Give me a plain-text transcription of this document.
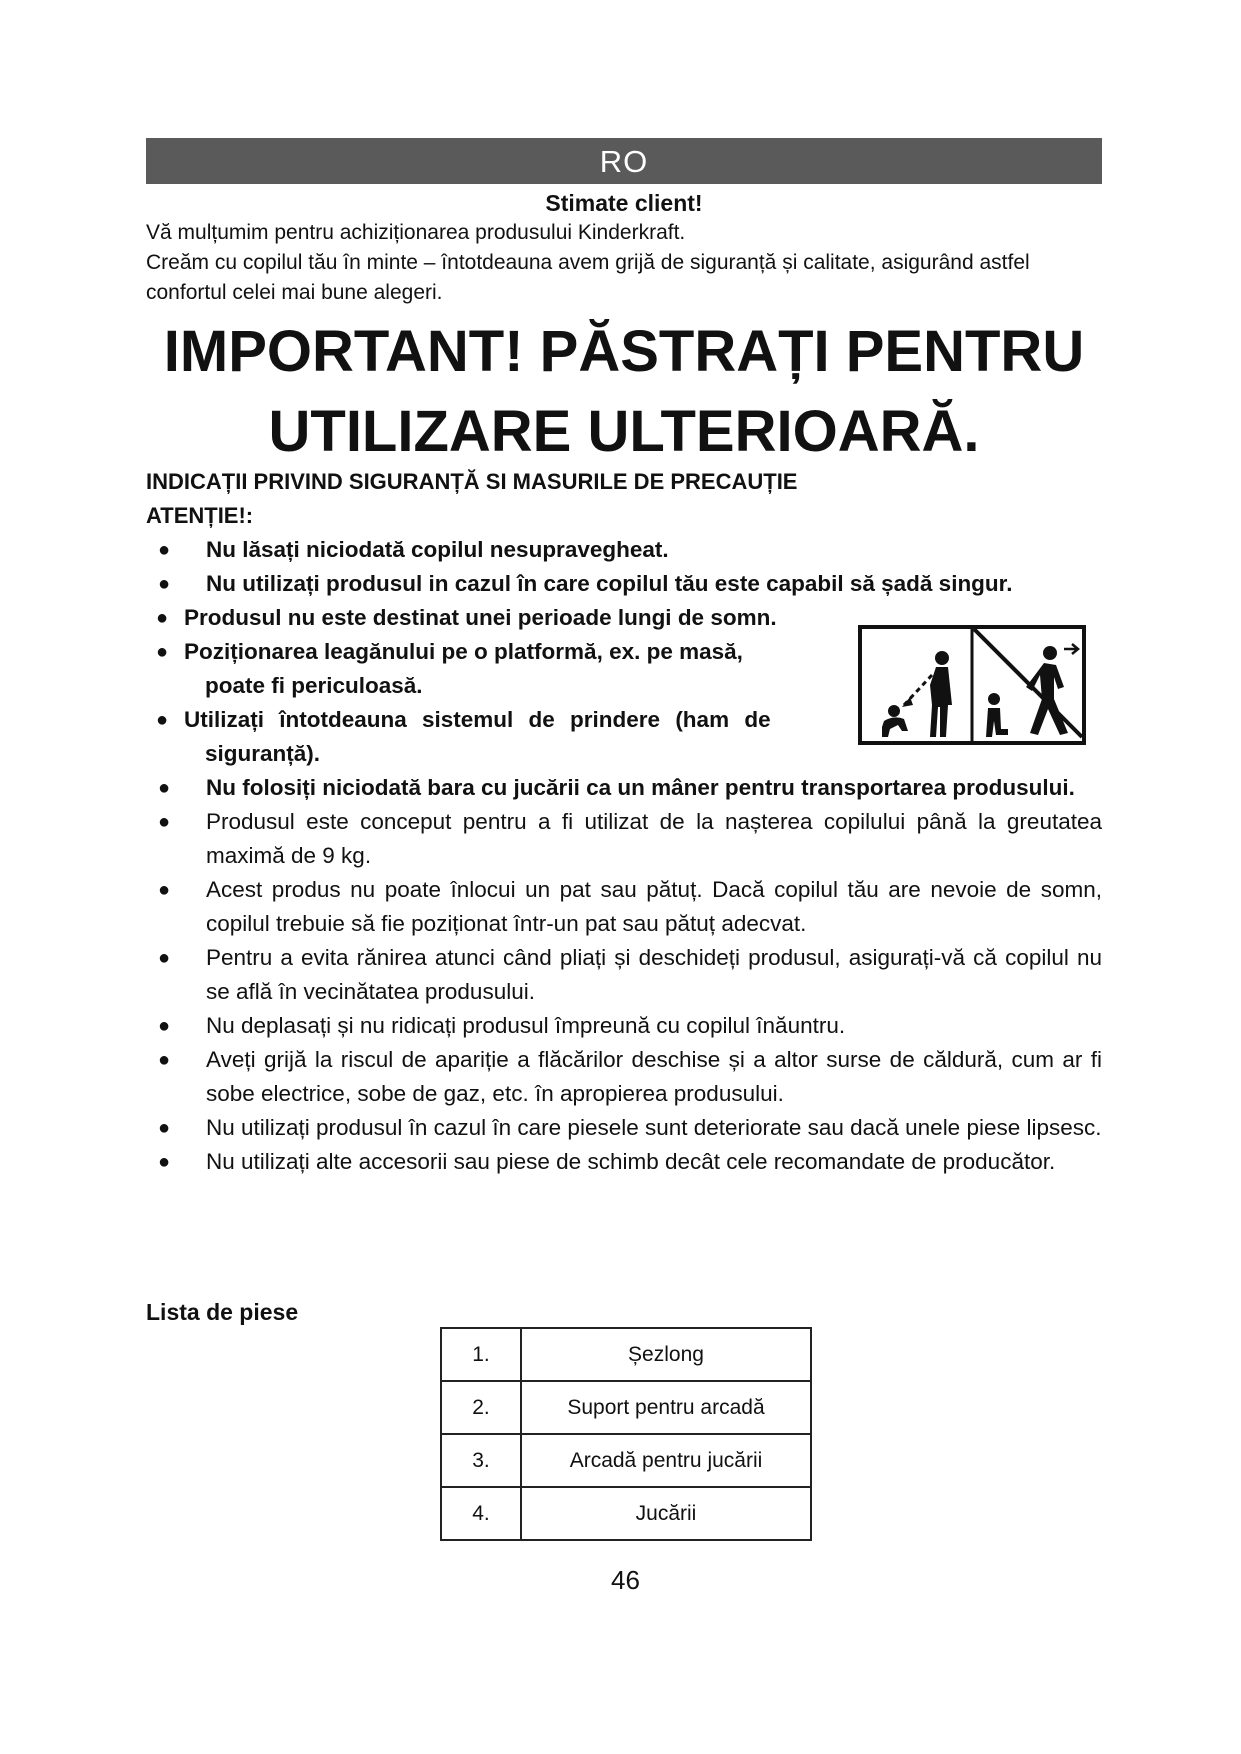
RO
Stimate client!

Vă mulțumim pentru achiziționarea produsului Kinderkraft.

Creăm cu copilul tău în minte – întotdeauna avem grijă de siguranță și calitate, asigurând astfel confortul celei mai bune alegeri.

IMPORTANT! PĂSTRAȚI PENTRU
UTILIZARE ULTERIOARĂ.
INDICAȚII PRIVIND SIGURANȚĂ SI MASURILE DE PRECAUȚIE
ATENȚIE!:
● Nu lăsați niciodată copilul nesupravegheat.
● Nu utilizați produsul in cazul în care copilul tău este capabil să șadă singur.
● Produsul nu este destinat unei perioade lungi de somn.
● Poziționarea leagănului pe o platformă, ex. pe masă,
poate fi periculoasă.
● Utilizați întotdeauna sistemul de prindere (ham de
siguranță).
● Nu folosiți niciodată bara cu jucării ca un mâner pentru transportarea produsului.
● Produsul este conceput pentru a fi utilizat de la nașterea copilului până la greutatea maximă de 9 kg.
● Acest produs nu poate înlocui un pat sau pătuț. Dacă copilul tău are nevoie de somn, copilul trebuie să fie poziționat într-un pat sau pătuț adecvat.
● Pentru a evita rănirea atunci când pliați și deschideți produsul, asigurați-vă că copilul nu se află în vecinătatea produsului.
● Nu deplasați și nu ridicați produsul împreună cu copilul înăuntru.
● Aveți grijă la riscul de apariție a flăcărilor deschise și a altor surse de căldură, cum ar fi sobe electrice, sobe de gaz, etc. în apropierea produsului.
● Nu utilizați produsul în cazul în care piesele sunt deteriorate sau dacă unele piese lipsesc.
● Nu utilizați alte accesorii sau piese de schimb decât cele recomandate de producător.
Lista de piese
1.	Șezlong
2.	Suport pentru arcadă
3.	Arcadă pentru jucării
4.	Jucării
46
